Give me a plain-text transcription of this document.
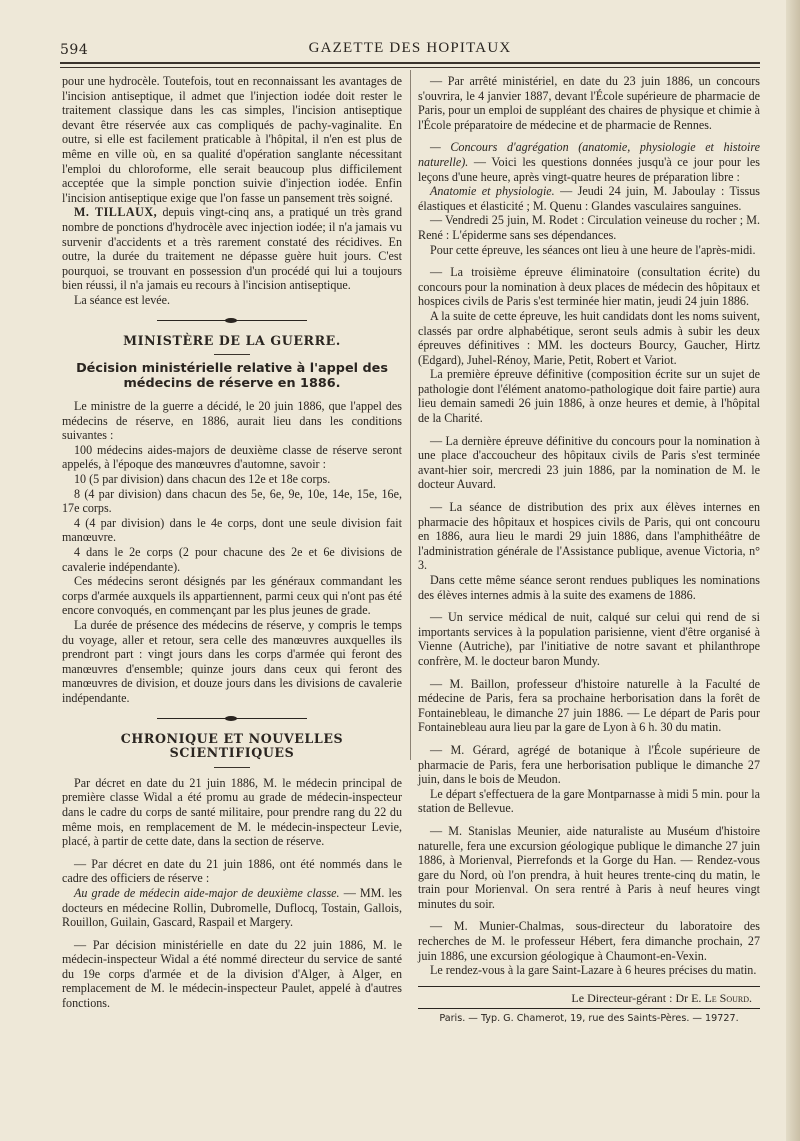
594	GAZETTE DES HOPITAUX

pour une hydrocèle. Toutefois, tout en reconnaissant les avantages de l'incision antiseptique, il admet que l'injection iodée doit rester le traitement classique dans les cas simples, l'incision antiseptique devant être réservée aux cas compliqués de pachy-vaginalite. En outre, si elle est facilement praticable à l'hôpital, il n'en est plus de même en ville où, en sa qualité d'opération sanglante nécessitant l'emploi du chloroforme, elle serait beaucoup plus difficilement acceptée que la simple ponction suivie d'injection iodée. Enfin l'incision antiseptique exige que l'on fasse un pansement très soigné.

M. TILLAUX, depuis vingt-cinq ans, a pratiqué un très grand nombre de ponctions d'hydrocèle avec injection iodée; il n'a jamais vu survenir d'accidents et a très rarement constaté des récidives. En outre, la durée du traitement ne dépasse guère huit jours. C'est pourquoi, se trouvant en possession d'un procédé qui lui a toujours bien réussi, il n'a jamais eu recours à l'incision antiseptique.

La séance est levée.

MINISTÈRE DE LA GUERRE.
Décision ministérielle relative à l'appel des médecins de réserve en 1886.

Le ministre de la guerre a décidé, le 20 juin 1886, que l'appel des médecins de réserve, en 1886, aurait lieu dans les conditions suivantes :

100 médecins aides-majors de deuxième classe de réserve seront appelés, à l'époque des manœuvres d'automne, savoir :

10 (5 par division) dans chacun des 12e et 18e corps.

8 (4 par division) dans chacun des 5e, 6e, 9e, 10e, 14e, 15e, 16e, 17e corps.

4 (4 par division) dans le 4e corps, dont une seule division fait manœuvre.

4 dans le 2e corps (2 pour chacune des 2e et 6e divisions de cavalerie indépendante).

Ces médecins seront désignés par les généraux commandant les corps d'armée auxquels ils appartiennent, parmi ceux qui n'ont pas été encore convoqués, en commençant par les plus jeunes de grade.

La durée de présence des médecins de réserve, y compris le temps du voyage, aller et retour, sera celle des manœuvres auxquelles ils prendront part : vingt jours dans les corps d'armée qui feront des manœuvres d'ensemble; quinze jours dans ceux qui feront des manœuvres de division, et douze jours dans les divisions de cavalerie indépendante.

CHRONIQUE ET NOUVELLES SCIENTIFIQUES

Par décret en date du 21 juin 1886, M. le médecin principal de première classe Widal a été promu au grade de médecin-inspecteur dans le cadre du corps de santé militaire, pour prendre rang du 22 du même mois, en remplacement de M. le médecin-inspecteur Levie, placé, à partir de cette date, dans la section de réserve.

— Par décret en date du 21 juin 1886, ont été nommés dans le cadre des officiers de réserve :

Au grade de médecin aide-major de deuxième classe. — MM. les docteurs en médecine Rollin, Dubromelle, Duflocq, Tostain, Gallois, Rouillon, Guilain, Gascard, Raspail et Margery.

— Par décision ministérielle en date du 22 juin 1886, M. le médecin-inspecteur Widal a été nommé directeur du service de santé du 19e corps d'armée et de la division d'Alger, à Alger, en remplacement de M. le médecin-inspecteur Paulet, appelé à d'autres fonctions.

— Par arrêté ministériel, en date du 23 juin 1886, un concours s'ouvrira, le 4 janvier 1887, devant l'École supérieure de pharmacie de Paris, pour un emploi de suppléant des chaires de physique et chimie à l'École préparatoire de médecine et de pharmacie de Rennes.

— Concours d'agrégation (anatomie, physiologie et histoire naturelle). — Voici les questions données jusqu'à ce jour pour les leçons d'une heure, après vingt-quatre heures de préparation libre :

Anatomie et physiologie. — Jeudi 24 juin, M. Jaboulay : Tissus élastiques et élasticité ; M. Quenu : Glandes vasculaires sanguines.

— Vendredi 25 juin, M. Rodet : Circulation veineuse du rocher ; M. René : L'épiderme sans ses dépendances.

Pour cette épreuve, les séances ont lieu à une heure de l'après-midi.

— La troisième épreuve éliminatoire (consultation écrite) du concours pour la nomination à deux places de médecin des hôpitaux et hospices civils de Paris s'est terminée hier matin, jeudi 24 juin 1886.

A la suite de cette épreuve, les huit candidats dont les noms suivent, classés par ordre alphabétique, seront seuls admis à subir les deux épreuves définitives : MM. les docteurs Bourcy, Gaucher, Hirtz (Edgard), Juhel-Rénoy, Marie, Petit, Robert et Variot.

La première épreuve définitive (composition écrite sur un sujet de pathologie dont l'élément anatomo-pathologique doit faire partie) aura lieu demain samedi 26 juin 1886, à onze heures et demie, à l'hôpital de la Charité.

— La dernière épreuve définitive du concours pour la nomination à une place d'accoucheur des hôpitaux civils de Paris s'est terminée avant-hier soir, mercredi 23 juin 1886, par la nomination de M. le docteur Auvard.

— La séance de distribution des prix aux élèves internes en pharmacie des hôpitaux et hospices civils de Paris, qui ont concouru en 1886, aura lieu le mardi 29 juin 1886, dans l'amphithéâtre de l'administration générale de l'Assistance publique, avenue Victoria, n° 3.

Dans cette même séance seront rendues publiques les nominations des élèves internes admis à la suite des examens de 1886.

— Un service médical de nuit, calqué sur celui qui rend de si importants services à la population parisienne, vient d'être organisé à Vienne (Autriche), par l'initiative de notre savant et philanthrope confrère, M. le docteur baron Mundy.

— M. Baillon, professeur d'histoire naturelle à la Faculté de médecine de Paris, fera sa prochaine herborisation dans la forêt de Fontainebleau, le dimanche 27 juin 1886. — Le départ de Paris pour Fontainebleau aura lieu par la gare de Lyon à 6 h. 30 du matin.

— M. Gérard, agrégé de botanique à l'École supérieure de pharmacie de Paris, fera une herborisation publique le dimanche 27 juin, dans le bois de Meudon.

Le départ s'effectuera de la gare Montparnasse à midi 5 min. pour la station de Bellevue.

— M. Stanislas Meunier, aide naturaliste au Muséum d'histoire naturelle, fera une excursion géologique publique le dimanche 27 juin 1886, à Morienval, Pierrefonds et la Gorge du Han. — Rendez-vous gare du Nord, où l'on prendra, à huit heures trente-cinq du matin, le train pour Morienval. On sera rentré à Paris à neuf heures vingt minutes du soir.

— M. Munier-Chalmas, sous-directeur du laboratoire des recherches de M. le professeur Hébert, fera dimanche prochain, 27 juin 1886, une excursion géologique à Chaumont-en-Vexin.

Le rendez-vous à la gare Saint-Lazare à 6 heures précises du matin.

Le Directeur-gérant : Dr E. Le Sourd.

Paris. — Typ. G. Chamerot, 19, rue des Saints-Pères. — 19727.
